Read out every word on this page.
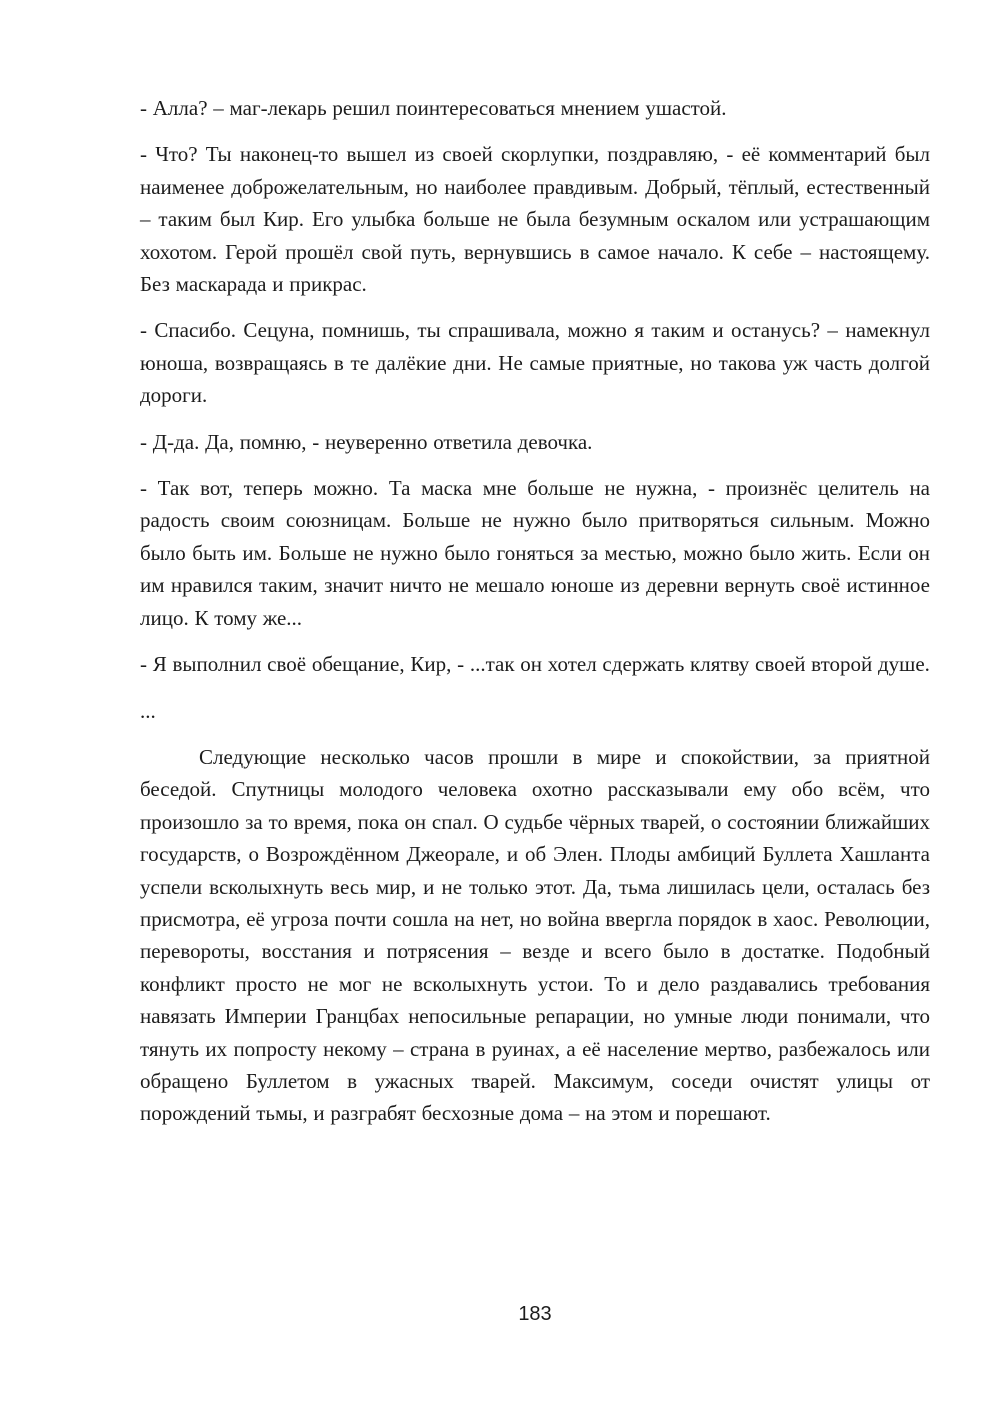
- Алла? – маг-лекарь решил поинтересоваться мнением ушастой.

- Что? Ты наконец-то вышел из своей скорлупки, поздравляю, - её комментарий был наименее доброжелательным, но наиболее правдивым. Добрый, тёплый, естественный – таким был Кир. Его улыбка больше не была безумным оскалом или устрашающим хохотом. Герой прошёл свой путь, вернувшись в самое начало. К себе – настоящему. Без маскарада и прикрас.

- Спасибо. Сецуна, помнишь, ты спрашивала, можно я таким и останусь? – намекнул юноша, возвращаясь в те далёкие дни. Не самые приятные, но такова уж часть долгой дороги.

- Д-да. Да, помню, - неуверенно ответила девочка.

- Так вот, теперь можно. Та маска мне больше не нужна, - произнёс целитель на радость своим союзницам. Больше не нужно было притворяться сильным. Можно было быть им. Больше не нужно было гоняться за местью, можно было жить. Если он им нравился таким, значит ничто не мешало юноше из деревни вернуть своё истинное лицо. К тому же...

- Я выполнил своё обещание, Кир, - ...так он хотел сдержать клятву своей второй душе.

...

Следующие несколько часов прошли в мире и спокойствии, за приятной беседой. Спутницы молодого человека охотно рассказывали ему обо всём, что произошло за то время, пока он спал. О судьбе чёрных тварей, о состоянии ближайших государств, о Возрождённом Джеорале, и об Элен. Плоды амбиций Буллета Хашланта успели всколыхнуть весь мир, и не только этот. Да, тьма лишилась цели, осталась без присмотра, её угроза почти сошла на нет, но война ввергла порядок в хаос. Революции, перевороты, восстания и потрясения – везде и всего было в достатке. Подобный конфликт просто не мог не всколыхнуть устои. То и дело раздавались требования навязать Империи Гранцбах непосильные репарации, но умные люди понимали, что тянуть их попросту некому – страна в руинах, а её население мертво, разбежалось или обращено Буллетом в ужасных тварей. Максимум, соседи очистят улицы от порождений тьмы, и разграбят бесхозные дома – на этом и порешают.

183
